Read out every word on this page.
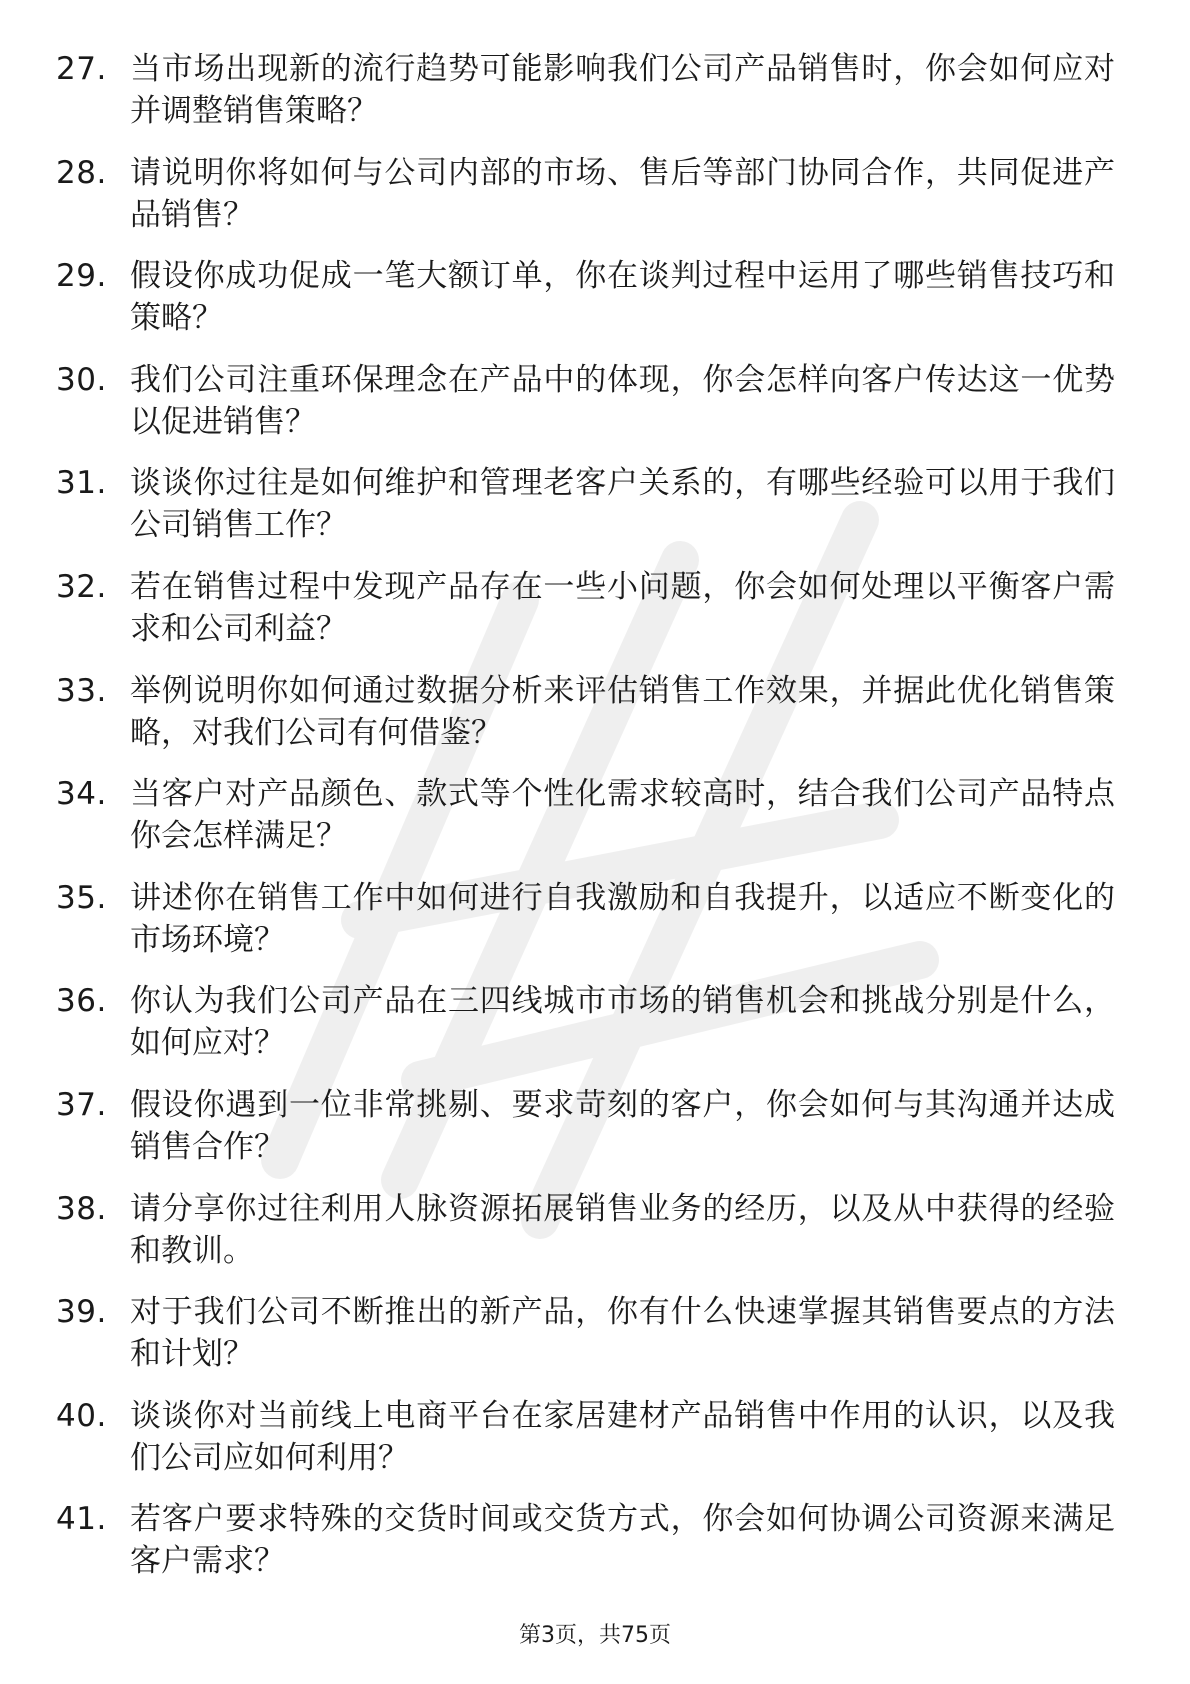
27. 当市场出现新的流行趋势可能影响我们公司产品销售时，你会如何应对并调整销售策略？
28. 请说明你将如何与公司内部的市场、售后等部门协同合作，共同促进产品销售？
29. 假设你成功促成一笔大额订单，你在谈判过程中运用了哪些销售技巧和策略？
30. 我们公司注重环保理念在产品中的体现，你会怎样向客户传达这一优势以促进销售？
31. 谈谈你过往是如何维护和管理老客户关系的，有哪些经验可以用于我们公司销售工作？
32. 若在销售过程中发现产品存在一些小问题，你会如何处理以平衡客户需求和公司利益？
33. 举例说明你如何通过数据分析来评估销售工作效果，并据此优化销售策略，对我们公司有何借鉴？
34. 当客户对产品颜色、款式等个性化需求较高时，结合我们公司产品特点你会怎样满足？
35. 讲述你在销售工作中如何进行自我激励和自我提升，以适应不断变化的市场环境？
36. 你认为我们公司产品在三四线城市市场的销售机会和挑战分别是什么，如何应对？
37. 假设你遇到一位非常挑剔、要求苛刻的客户，你会如何与其沟通并达成销售合作？
38. 请分享你过往利用人脉资源拓展销售业务的经历，以及从中获得的经验和教训。
39. 对于我们公司不断推出的新产品，你有什么快速掌握其销售要点的方法和计划？
40. 谈谈你对当前线上电商平台在家居建材产品销售中作用的认识，以及我们公司应如何利用？
41. 若客户要求特殊的交货时间或交货方式，你会如何协调公司资源来满足客户需求？
第3页，共75页
